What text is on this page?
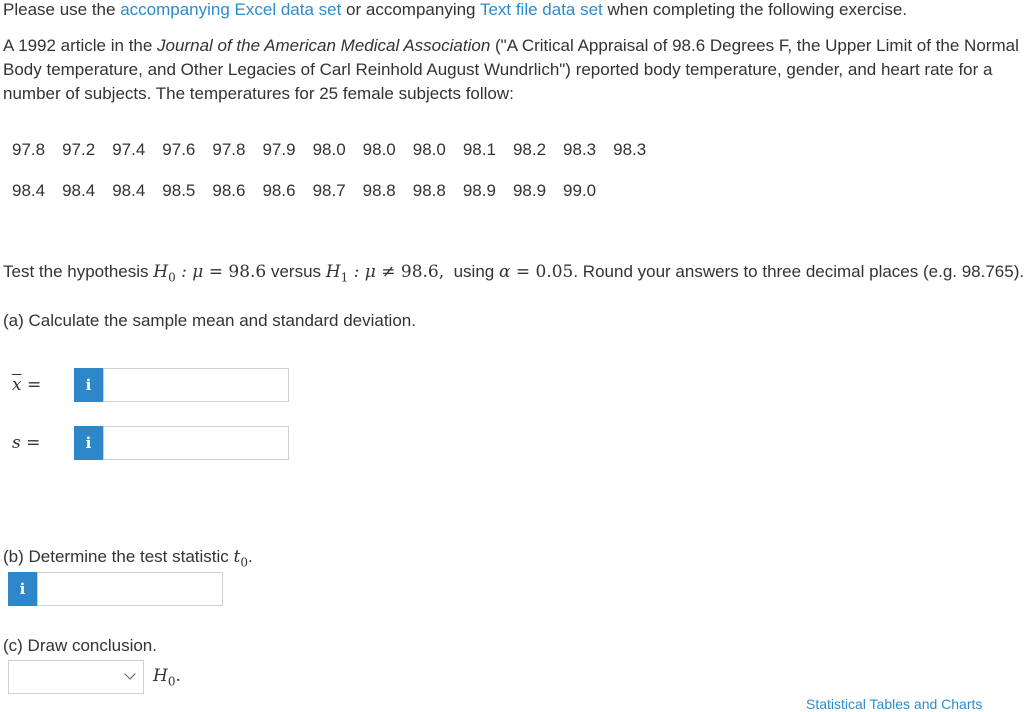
Please use the accompanying Excel data set or accompanying Text file data set when completing the following exercise.
A 1992 article in the Journal of the American Medical Association ("A Critical Appraisal of 98.6 Degrees F, the Upper Limit of the Normal
Body temperature, and Other Legacies of Carl Reinhold August Wundrlich") reported body temperature, gender, and heart rate for a
number of subjects. The temperatures for 25 female subjects follow:
97.8 97.2 97.4 97.6 97.8 97.9 98.0 98.0 98.0 98.1 98.2 98.3 98.3
98.4 98.4 98.4 98.5 98.6 98.6 98.7 98.8 98.8 98.9 98.9 99.0
Test the hypothesis $H_0$ : μ = 98.6 versus $H_1$ : μ ≠ 98.6,  using α = 0.05. Round your answers to three decimal places (e.g. 98.765).
(a) Calculate the sample mean and standard deviation.
$\overline{x}$ =	i
s =	i
(b) Determine the test statistic $t_0$.
i
(c) Draw conclusion.
$H_0$.
Statistical Tables and Charts
